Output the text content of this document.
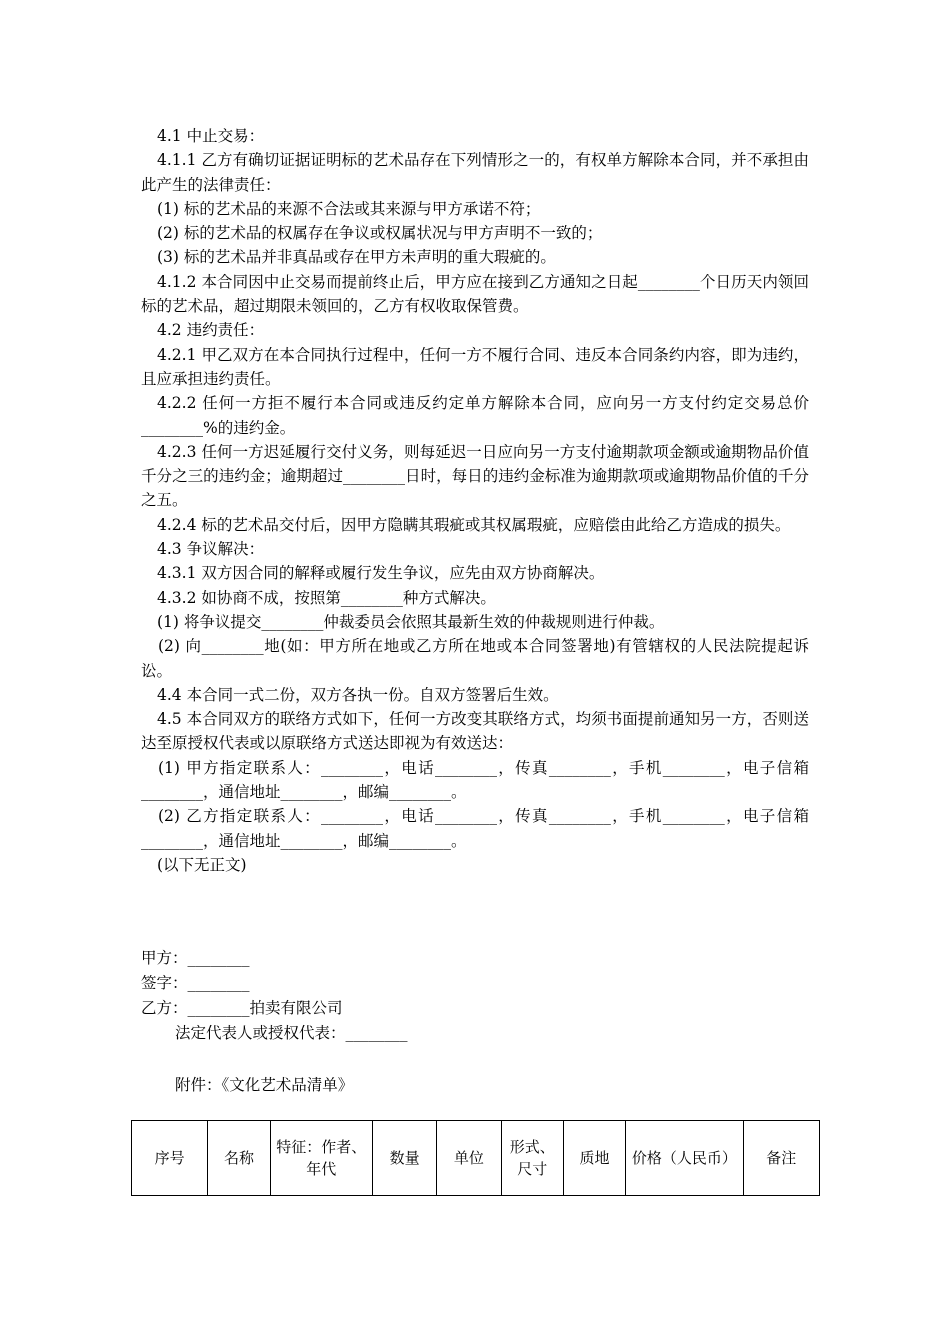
4.1 中止交易：

4.1.1 乙方有确切证据证明标的艺术品存在下列情形之一的，有权单方解除本合同，并不承担由此产生的法律责任：

(1) 标的艺术品的来源不合法或其来源与甲方承诺不符；

(2) 标的艺术品的权属存在争议或权属状况与甲方声明不一致的；

(3) 标的艺术品并非真品或存在甲方未声明的重大瑕疵的。

4.1.2 本合同因中止交易而提前终止后，甲方应在接到乙方通知之日起________个日历天内领回标的艺术品，超过期限未领回的，乙方有权收取保管费。

4.2 违约责任：

4.2.1 甲乙双方在本合同执行过程中，任何一方不履行合同、违反本合同条约内容，即为违约，且应承担违约责任。

4.2.2 任何一方拒不履行本合同或违反约定单方解除本合同，应向另一方支付约定交易总价________%的违约金。

4.2.3 任何一方迟延履行交付义务，则每延迟一日应向另一方支付逾期款项金额或逾期物品价值千分之三的违约金；逾期超过________日时，每日的违约金标准为逾期款项或逾期物品价值的千分之五。

4.2.4 标的艺术品交付后，因甲方隐瞒其瑕疵或其权属瑕疵，应赔偿由此给乙方造成的损失。

4.3 争议解决：

4.3.1 双方因合同的解释或履行发生争议，应先由双方协商解决。

4.3.2 如协商不成，按照第________种方式解决。

(1) 将争议提交________仲裁委员会依照其最新生效的仲裁规则进行仲裁。

(2) 向________地(如：甲方所在地或乙方所在地或本合同签署地)有管辖权的人民法院提起诉讼。

4.4 本合同一式二份，双方各执一份。自双方签署后生效。

4.5 本合同双方的联络方式如下，任何一方改变其联络方式，均须书面提前通知另一方，否则送达至原授权代表或以原联络方式送达即视为有效送达：

(1) 甲方指定联系人：________，电话________，传真________，手机________，电子信箱________，通信地址________，邮编________。

(2) 乙方指定联系人：________，电话________，传真________，手机________，电子信箱________，通信地址________，邮编________。

(以下无正文)

甲方：________
签字：________
乙方：________拍卖有限公司
法定代表人或授权代表：________
附件：《文化艺术品清单》
序号	名称	特征：作者、年代	数量	单位	形式、尺寸	质地	价格（人民币）	备注
